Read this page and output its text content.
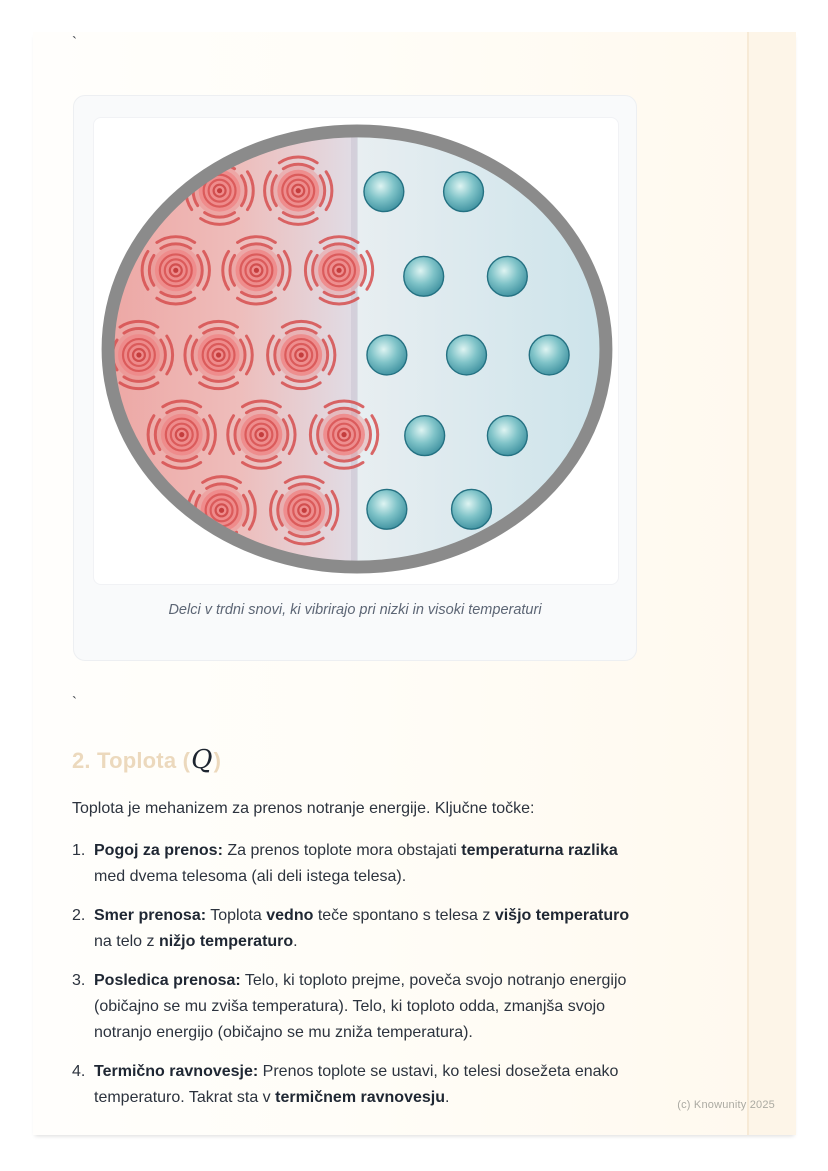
`
Delci v trdni snovi, ki vibrirajo pri nizki in visoki temperaturi
`
2. Toplota (Q)
Toplota je mehanizem za prenos notranje energije. Ključne točke:
1. Pogoj za prenos: Za prenos toplote mora obstajati temperaturna razlika med dvema telesoma (ali deli istega telesa).
2. Smer prenosa: Toplota vedno teče spontano s telesa z višjo temperaturo na telo z nižjo temperaturo.
3. Posledica prenosa: Telo, ki toploto prejme, poveča svojo notranjo energijo (običajno se mu zviša temperatura). Telo, ki toploto odda, zmanjša svojo notranjo energijo (običajno se mu zniža temperatura).
4. Termično ravnovesje: Prenos toplote se ustavi, ko telesi dosežeta enako temperaturo. Takrat sta v termičnem ravnovesju.	(c) Knowunity 2025
